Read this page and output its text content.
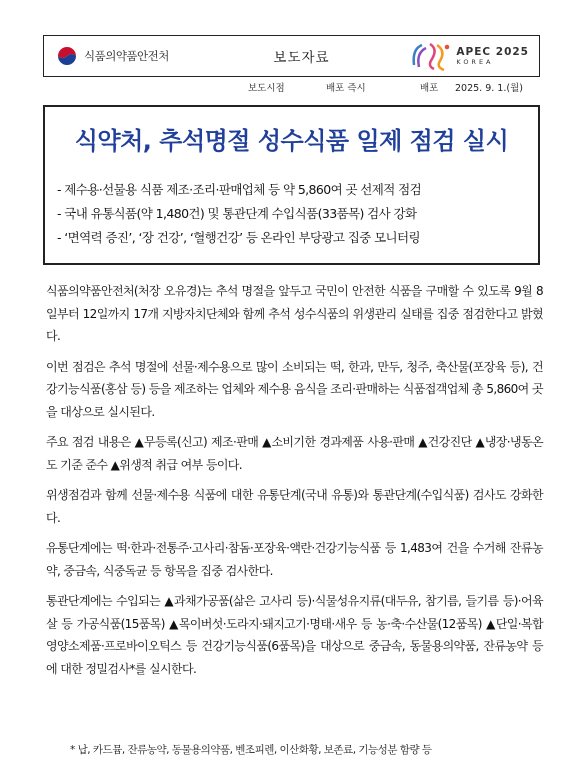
식품의약품안전처	보도자료	APEC 2025
KOREA
보도시점	배포 즉시	배포 2025. 9. 1.(월)
식약처, 추석명절 성수식품 일제 점검 실시
- 제수용·선물용 식품 제조·조리·판매업체 등 약 5,860여 곳 선제적 점검
- 국내 유통식품(약 1,480건) 및 통관단계 수입식품(33품목) 검사 강화
- ‘면역력 증진’, ‘장 건강’, ‘혈행건강’ 등 온라인 부당광고 집중 모니터링

식품의약품안전처(처장 오유경)는 추석 명절을 앞두고 국민이 안전한 식품을 구매할 수 있도록 9월 8일부터 12일까지 17개 지방자치단체와 함께 추석 성수식품의 위생관리 실태를 집중 점검한다고 밝혔다.

이번 점검은 추석 명절에 선물·제수용으로 많이 소비되는 떡, 한과, 만두, 청주, 축산물(포장육 등), 건강기능식품(홍삼 등) 등을 제조하는 업체와 제수용 음식을 조리·판매하는 식품접객업체 총 5,860여 곳을 대상으로 실시된다.

주요 점검 내용은 ▲무등록(신고) 제조·판매 ▲소비기한 경과제품 사용·판매 ▲건강진단 ▲냉장·냉동온도 기준 준수 ▲위생적 취급 여부 등이다.

위생점검과 함께 선물·제수용 식품에 대한 유통단계(국내 유통)와 통관단계(수입식품) 검사도 강화한다.

유통단계에는 떡·한과·전통주·고사리·참돔·포장육·액란·건강기능식품 등 1,483여 건을 수거해 잔류농약, 중금속, 식중독균 등 항목을 집중 검사한다.

통관단계에는 수입되는 ▲과채가공품(삶은 고사리 등)·식물성유지류(대두유, 참기름, 들기름 등)·어육살 등 가공식품(15품목) ▲목이버섯·도라지·돼지고기·명태·새우 등 농·축·수산물(12품목) ▲단일·복합 영양소제품·프로바이오틱스 등 건강기능식품(6품목)을 대상으로 중금속, 동물용의약품, 잔류농약 등에 대한 정밀검사*를 실시한다.

* 납, 카드뮴, 잔류농약, 동물용의약품, 벤조피렌, 이산화황, 보존료, 기능성분 함량 등
